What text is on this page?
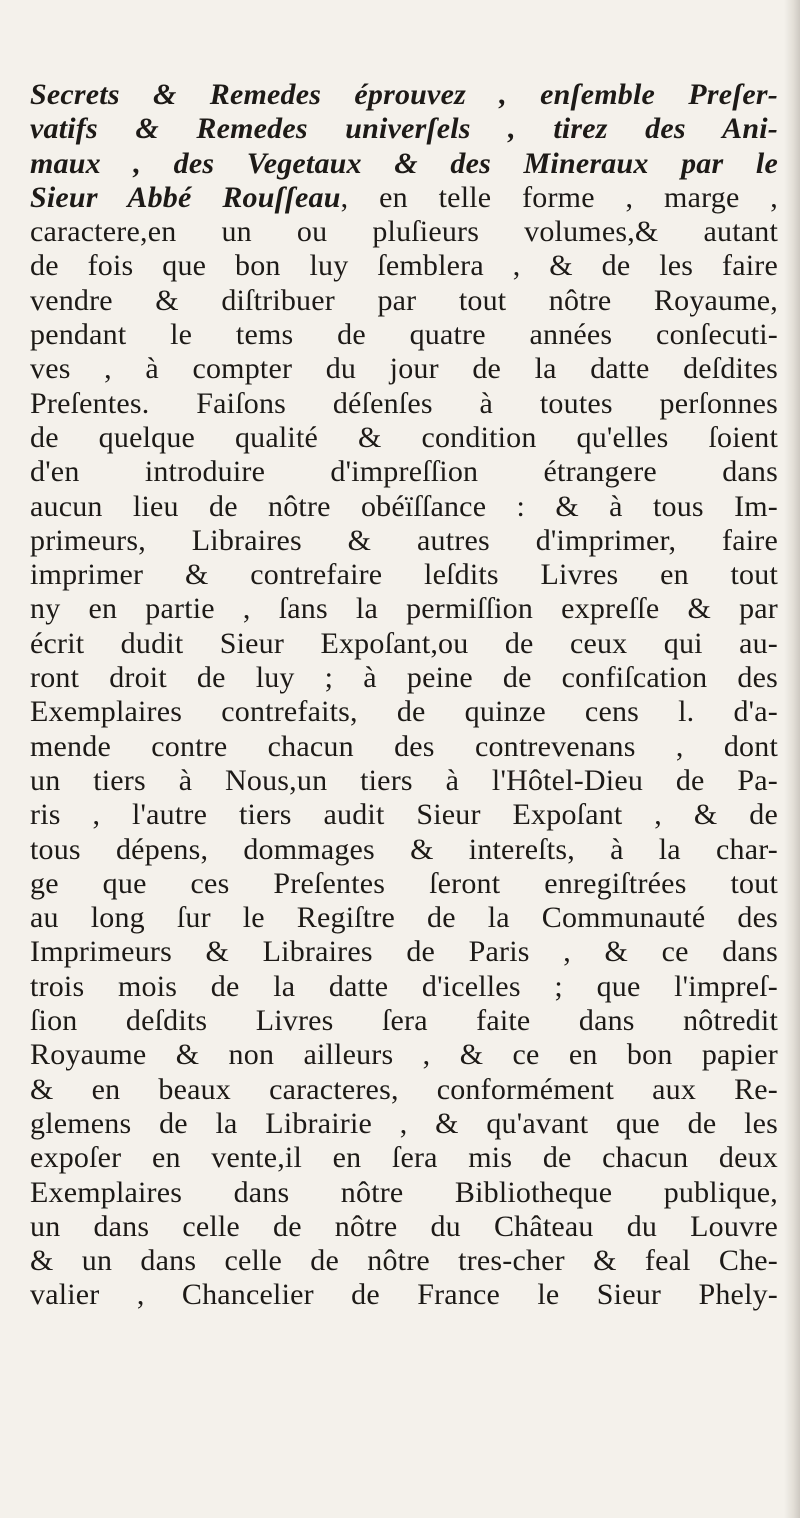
Secrets & Remedes éprouvez , enſemble Preſer-
vatifs & Remedes univerſels , tirez des Ani-
maux , des Vegetaux & des Mineraux par le
Sieur Abbé Rouſſeau, en telle forme , marge ,
caractere,en un ou pluſieurs volumes,& autant
de fois que bon luy ſemblera , & de les faire
vendre & diſtribuer par tout nôtre Royaume,
pendant le tems de quatre années conſecuti-
ves , à compter du jour de la datte deſdites
Preſentes. Faiſons déſenſes à toutes perſonnes
de quelque qualité & condition qu'elles ſoient
d'en introduire d'impreſſion étrangere dans
aucun lieu de nôtre obéïſſance : & à tous Im-
primeurs, Libraires & autres d'imprimer, faire
imprimer & contrefaire leſdits Livres en tout
ny en partie , ſans la permiſſion expreſſe & par
écrit dudit Sieur Expoſant,ou de ceux qui au-
ront droit de luy ; à peine de confiſcation des
Exemplaires contrefaits, de quinze cens l. d'a-
mende contre chacun des contrevenans , dont
un tiers à Nous,un tiers à l'Hôtel-Dieu de Pa-
ris , l'autre tiers audit Sieur Expoſant , & de
tous dépens, dommages & intereſts, à la char-
ge que ces Preſentes ſeront enregiſtrées tout
au long ſur le Regiſtre de la Communauté des
Imprimeurs & Libraires de Paris , & ce dans
trois mois de la datte d'icelles ; que l'impreſ-
ſion deſdits Livres ſera faite dans nôtredit
Royaume & non ailleurs , & ce en bon papier
& en beaux caracteres, conformément aux Re-
glemens de la Librairie , & qu'avant que de les
expoſer en vente,il en ſera mis de chacun deux
Exemplaires dans nôtre Bibliotheque publique,
un dans celle de nôtre du Château du Louvre
& un dans celle de nôtre tres-cher & feal Che-
valier , Chancelier de France le Sieur Phely-
